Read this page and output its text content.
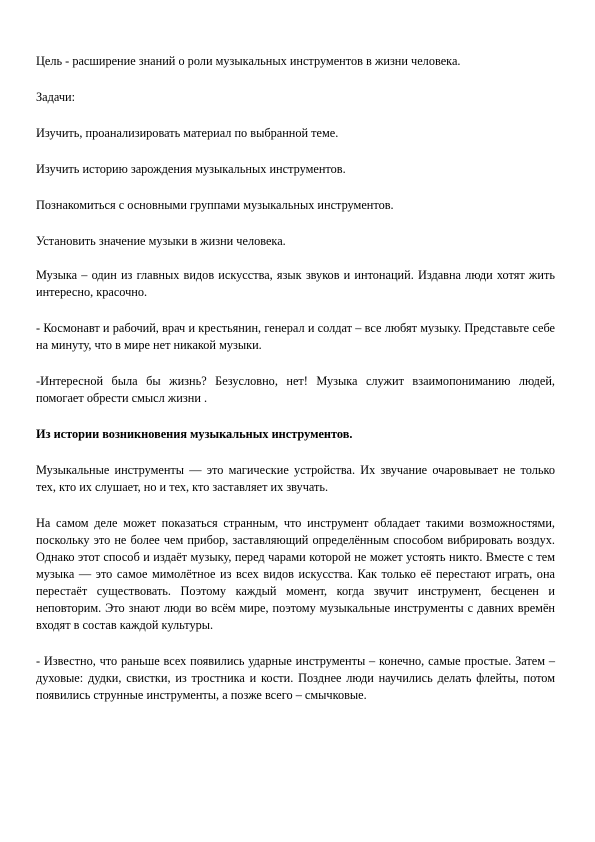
Цель - расширение знаний о роли музыкальных инструментов в жизни человека.
Задачи:
Изучить, проанализировать материал по выбранной теме.
Изучить историю зарождения музыкальных инструментов.
Познакомиться с основными группами музыкальных инструментов.
Установить значение музыки в жизни человека.
Музыка – один из главных видов искусства, язык звуков и интонаций. Издавна люди хотят жить интересно, красочно.
- Космонавт и рабочий, врач и крестьянин, генерал и солдат – все любят музыку. Представьте себе на минуту, что в мире нет никакой музыки.
-Интересной была бы жизнь? Безусловно, нет! Музыка служит взаимопониманию людей, помогает обрести смысл жизни .
Из истории возникновения музыкальных инструментов.
Музыкальные инструменты — это магические устройства. Их звучание очаровывает не только тех, кто их слушает, но и тех, кто заставляет их звучать.
На самом деле может показаться странным, что инструмент обладает такими возможностями, поскольку это не более чем прибор, заставляющий определённым способом вибрировать воздух. Однако этот способ и издаёт музыку, перед чарами которой не может устоять никто. Вместе с тем музыка — это самое мимолётное из всех видов искусства. Как только её перестают играть, она перестаёт существовать. Поэтому каждый момент, когда звучит инструмент, бесценен и неповторим. Это знают люди во всём мире, поэтому музыкальные инструменты с давних времён входят в состав каждой культуры.
- Известно, что раньше всех появились ударные инструменты – конечно, самые простые. Затем – духовые: дудки, свистки, из тростника и кости. Позднее люди научились делать флейты, потом появились струнные инструменты, а позже всего – смычковые.
